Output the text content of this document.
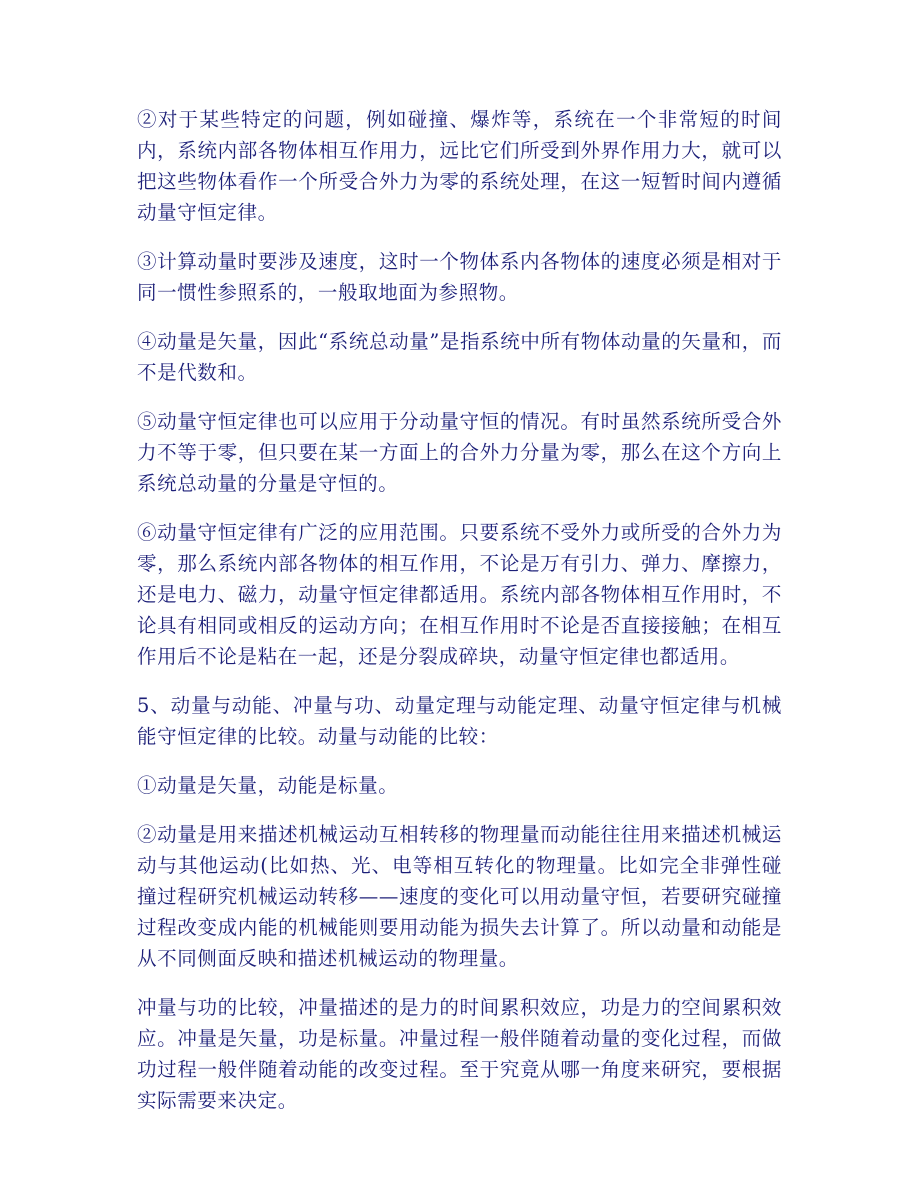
②对于某些特定的问题，例如碰撞、爆炸等，系统在一个非常短的时间内，系统内部各物体相互作用力，远比它们所受到外界作用力大，就可以把这些物体看作一个所受合外力为零的系统处理，在这一短暂时间内遵循动量守恒定律。

③计算动量时要涉及速度，这时一个物体系内各物体的速度必须是相对于同一惯性参照系的，一般取地面为参照物。

④动量是矢量，因此“系统总动量”是指系统中所有物体动量的矢量和，而不是代数和。

⑤动量守恒定律也可以应用于分动量守恒的情况。有时虽然系统所受合外力不等于零，但只要在某一方面上的合外力分量为零，那么在这个方向上系统总动量的分量是守恒的。

⑥动量守恒定律有广泛的应用范围。只要系统不受外力或所受的合外力为零，那么系统内部各物体的相互作用，不论是万有引力、弹力、摩擦力，还是电力、磁力，动量守恒定律都适用。系统内部各物体相互作用时，不论具有相同或相反的运动方向；在相互作用时不论是否直接接触；在相互作用后不论是粘在一起，还是分裂成碎块，动量守恒定律也都适用。

5、动量与动能、冲量与功、动量定理与动能定理、动量守恒定律与机械能守恒定律的比较。动量与动能的比较：

①动量是矢量，动能是标量。

②动量是用来描述机械运动互相转移的物理量而动能往往用来描述机械运动与其他运动(比如热、光、电等相互转化的物理量。比如完全非弹性碰撞过程研究机械运动转移——速度的变化可以用动量守恒，若要研究碰撞过程改变成内能的机械能则要用动能为损失去计算了。所以动量和动能是从不同侧面反映和描述机械运动的物理量。

冲量与功的比较，冲量描述的是力的时间累积效应，功是力的空间累积效应。冲量是矢量，功是标量。冲量过程一般伴随着动量的变化过程，而做功过程一般伴随着动能的改变过程。至于究竟从哪一角度来研究，要根据实际需要来决定。
